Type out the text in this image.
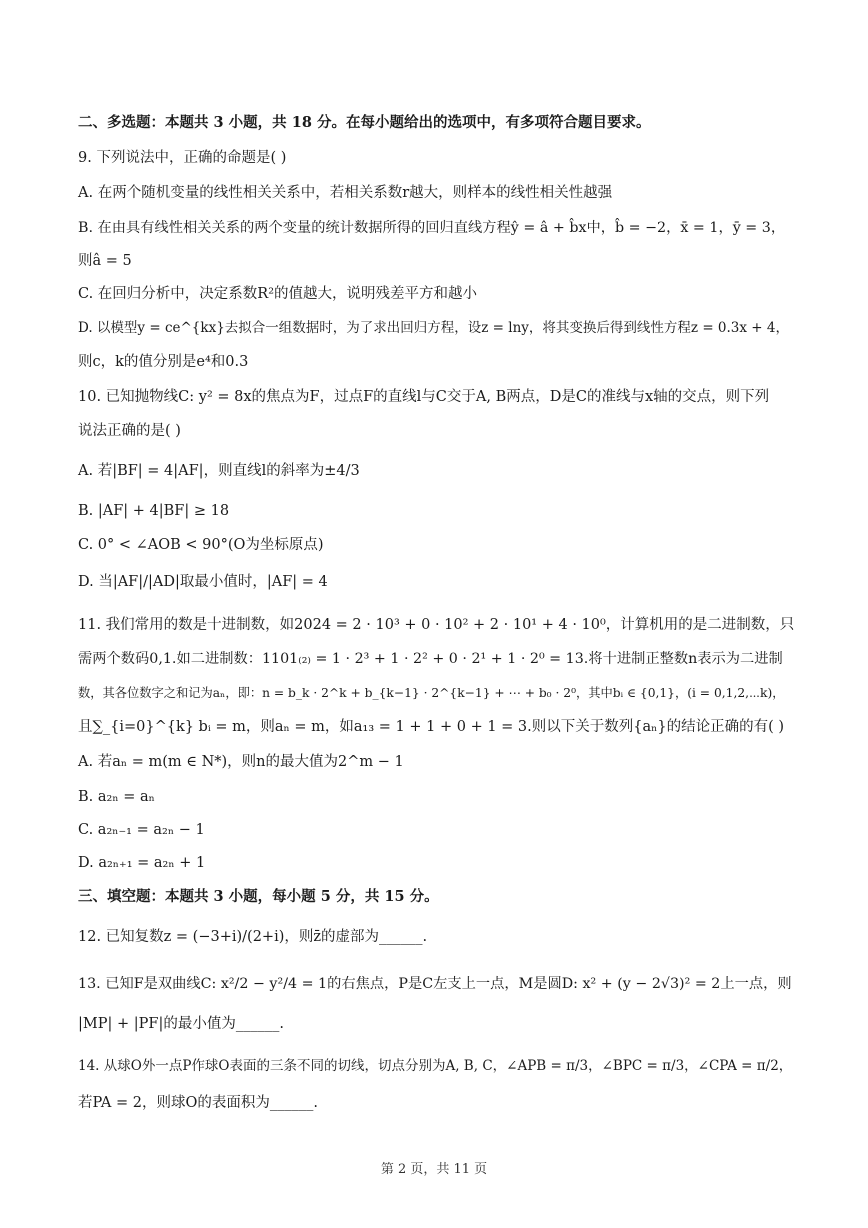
二、多选题：本题共 3 小题，共 18 分。在每小题给出的选项中，有多项符合题目要求。
9. 下列说法中，正确的命题是( )
A. 在两个随机变量的线性相关关系中，若相关系数r越大，则样本的线性相关性越强
B. 在由具有线性相关关系的两个变量的统计数据所得的回归直线方程ŷ = â + b̂x中，b̂ = −2，x̄ = 1，ȳ = 3，
则â = 5
C. 在回归分析中，决定系数R²的值越大，说明残差平方和越小
D. 以模型y = ce^{kx}去拟合一组数据时，为了求出回归方程，设z = lny，将其变换后得到线性方程z = 0.3x + 4，
则c，k的值分别是e⁴和0.3
10. 已知抛物线C: y² = 8x的焦点为F，过点F的直线l与C交于A, B两点，D是C的准线与x轴的交点，则下列
说法正确的是( )
A. 若|BF| = 4|AF|，则直线l的斜率为±4/3
B. |AF| + 4|BF| ≥ 18
C. 0° < ∠AOB < 90°(O为坐标原点)
D. 当|AF|/|AD|取最小值时，|AF| = 4
11. 我们常用的数是十进制数，如2024 = 2 · 10³ + 0 · 10² + 2 · 10¹ + 4 · 10⁰，计算机用的是二进制数，只
需两个数码0,1.如二进制数：1101₍₂₎ = 1 · 2³ + 1 · 2² + 0 · 2¹ + 1 · 2⁰ = 13.将十进制正整数n表示为二进制
数，其各位数字之和记为aₙ，即：n = b_k · 2^k + b_{k−1} · 2^{k−1} + ⋯ + b₀ · 2⁰，其中bᵢ ∈ {0,1}，(i = 0,1,2,⋯k)，
且∑_{i=0}^{k} bᵢ = m，则aₙ = m，如a₁₃ = 1 + 1 + 0 + 1 = 3.则以下关于数列{aₙ}的结论正确的有( )
A. 若aₙ = m(m ∈ N*)，则n的最大值为2^m − 1
B. a₂ₙ = aₙ
C. a₂ₙ₋₁ = a₂ₙ − 1
D. a₂ₙ₊₁ = a₂ₙ + 1
三、填空题：本题共 3 小题，每小题 5 分，共 15 分。
12. 已知复数z = (−3+i)/(2+i)，则z̄的虚部为______.
13. 已知F是双曲线C: x²/2 − y²/4 = 1的右焦点，P是C左支上一点，M是圆D: x² + (y − 2√3)² = 2上一点，则
|MP| + |PF|的最小值为______.
14. 从球O外一点P作球O表面的三条不同的切线，切点分别为A, B, C，∠APB = π/3，∠BPC = π/3，∠CPA = π/2，
若PA = 2，则球O的表面积为______.
第 2 页，共 11 页
